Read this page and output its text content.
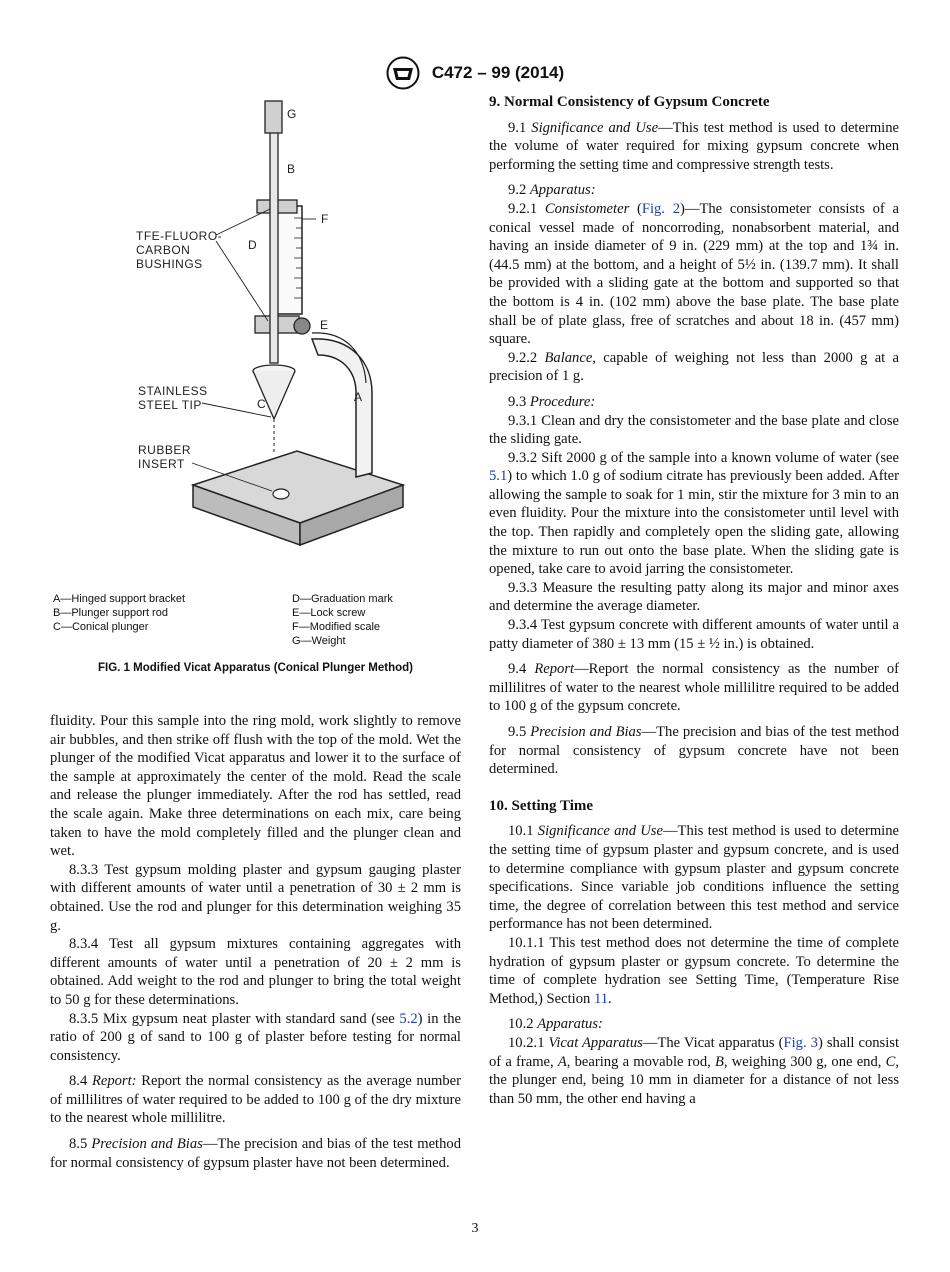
C472 – 99 (2014)
G
B
F
D
E
A
C
TFE-FLUORO-
CARBON
BUSHINGS
STAINLESS
STEEL TIP
RUBBER
INSERT
A—Hinged support bracket
B—Plunger support rod
C—Conical plunger
D—Graduation mark
E—Lock screw
F—Modified scale
G—Weight
FIG. 1 Modified Vicat Apparatus (Conical Plunger Method)

fluidity. Pour this sample into the ring mold, work slightly to remove air bubbles, and then strike off flush with the top of the mold. Wet the plunger of the modified Vicat apparatus and lower it to the surface of the sample at approximately the center of the mold. Read the scale and release the plunger immediately. After the rod has settled, read the scale again. Make three determinations on each mix, care being taken to have the mold completely filled and the plunger clean and wet.

8.3.3 Test gypsum molding plaster and gypsum gauging plaster with different amounts of water until a penetration of 30 ± 2 mm is obtained. Use the rod and plunger for this determination weighing 35 g.

8.3.4 Test all gypsum mixtures containing aggregates with different amounts of water until a penetration of 20 ± 2 mm is obtained. Add weight to the rod and plunger to bring the total weight to 50 g for these determinations.

8.3.5 Mix gypsum neat plaster with standard sand (see 5.2) in the ratio of 200 g of sand to 100 g of plaster before testing for normal consistency.

8.4 Report: Report the normal consistency as the average number of millilitres of water required to be added to 100 g of the dry mixture to the nearest whole millilitre.

8.5 Precision and Bias—The precision and bias of the test method for normal consistency of gypsum plaster have not been determined.

9. Normal Consistency of Gypsum Concrete

9.1 Significance and Use—This test method is used to determine the volume of water required for mixing gypsum concrete when performing the setting time and compressive strength tests.

9.2 Apparatus:

9.2.1 Consistometer (Fig. 2)—The consistometer consists of a conical vessel made of noncorroding, nonabsorbent material, and having an inside diameter of 9 in. (229 mm) at the top and 1¾ in. (44.5 mm) at the bottom, and a height of 5½ in. (139.7 mm). It shall be provided with a sliding gate at the bottom and supported so that the bottom is 4 in. (102 mm) above the base plate. The base plate shall be of plate glass, free of scratches and about 18 in. (457 mm) square.

9.2.2 Balance, capable of weighing not less than 2000 g at a precision of 1 g.

9.3 Procedure:

9.3.1 Clean and dry the consistometer and the base plate and close the sliding gate.

9.3.2 Sift 2000 g of the sample into a known volume of water (see 5.1) to which 1.0 g of sodium citrate has previously been added. After allowing the sample to soak for 1 min, stir the mixture for 3 min to an even fluidity. Pour the mixture into the consistometer until level with the top. Then rapidly and completely open the sliding gate, allowing the mixture to run out onto the base plate. When the sliding gate is opened, take care to avoid jarring the consistometer.

9.3.3 Measure the resulting patty along its major and minor axes and determine the average diameter.

9.3.4 Test gypsum concrete with different amounts of water until a patty diameter of 380 ± 13 mm (15 ± ½ in.) is obtained.

9.4 Report—Report the normal consistency as the number of millilitres of water to the nearest whole millilitre required to be added to 100 g of the gypsum concrete.

9.5 Precision and Bias—The precision and bias of the test method for normal consistency of gypsum concrete have not been determined.

10. Setting Time

10.1 Significance and Use—This test method is used to determine the setting time of gypsum plaster and gypsum concrete, and is used to determine compliance with gypsum plaster and gypsum concrete specifications. Since variable job conditions influence the setting time, the degree of correlation between this test method and service performance has not been determined.

10.1.1 This test method does not determine the time of complete hydration of gypsum plaster or gypsum concrete. To determine the time of complete hydration see Setting Time, (Temperature Rise Method,) Section 11.

10.2 Apparatus:

10.2.1 Vicat Apparatus—The Vicat apparatus (Fig. 3) shall consist of a frame, A, bearing a movable rod, B, weighing 300 g, one end, C, the plunger end, being 10 mm in diameter for a distance of not less than 50 mm, the other end having a

3
